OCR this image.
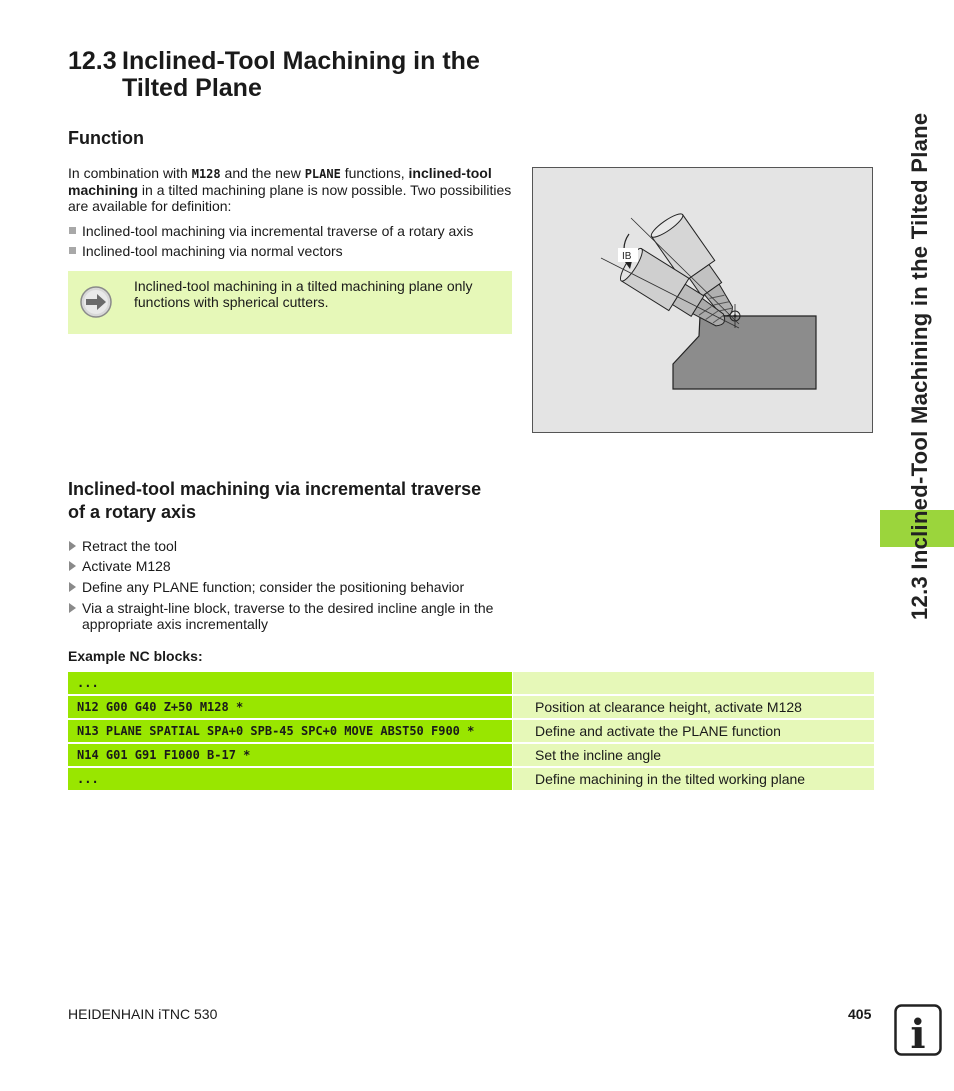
12.3 Inclined-Tool Machining in the
Tilted Plane
Function

In combination with M128 and the new PLANE functions, inclined-tool machining in a tilted machining plane is now possible. Two possibilities are available for definition:

Inclined-tool machining via incremental traverse of a rotary axis
Inclined-tool machining via normal vectors

Inclined-tool machining in a tilted machining plane only functions with spherical cutters.

IB
Inclined-tool machining via incremental traverse
of a rotary axis
Retract the tool
Activate M128
Define any PLANE function; consider the positioning behavior
Via a straight-line block, traverse to the desired incline angle in the appropriate axis incrementally

Example NC blocks:

...
N12 G00 G40 Z+50 M128 *	Position at clearance height, activate M128
N13 PLANE SPATIAL SPA+0 SPB-45 SPC+0 MOVE ABST50 F900 *	Define and activate the PLANE function
N14 G01 G91 F1000 B-17 *	Set the incline angle
...	Define machining in the tilted working plane
12.3 Inclined-Tool Machining in the Tilted Plane
HEIDENHAIN iTNC 530	405 i
